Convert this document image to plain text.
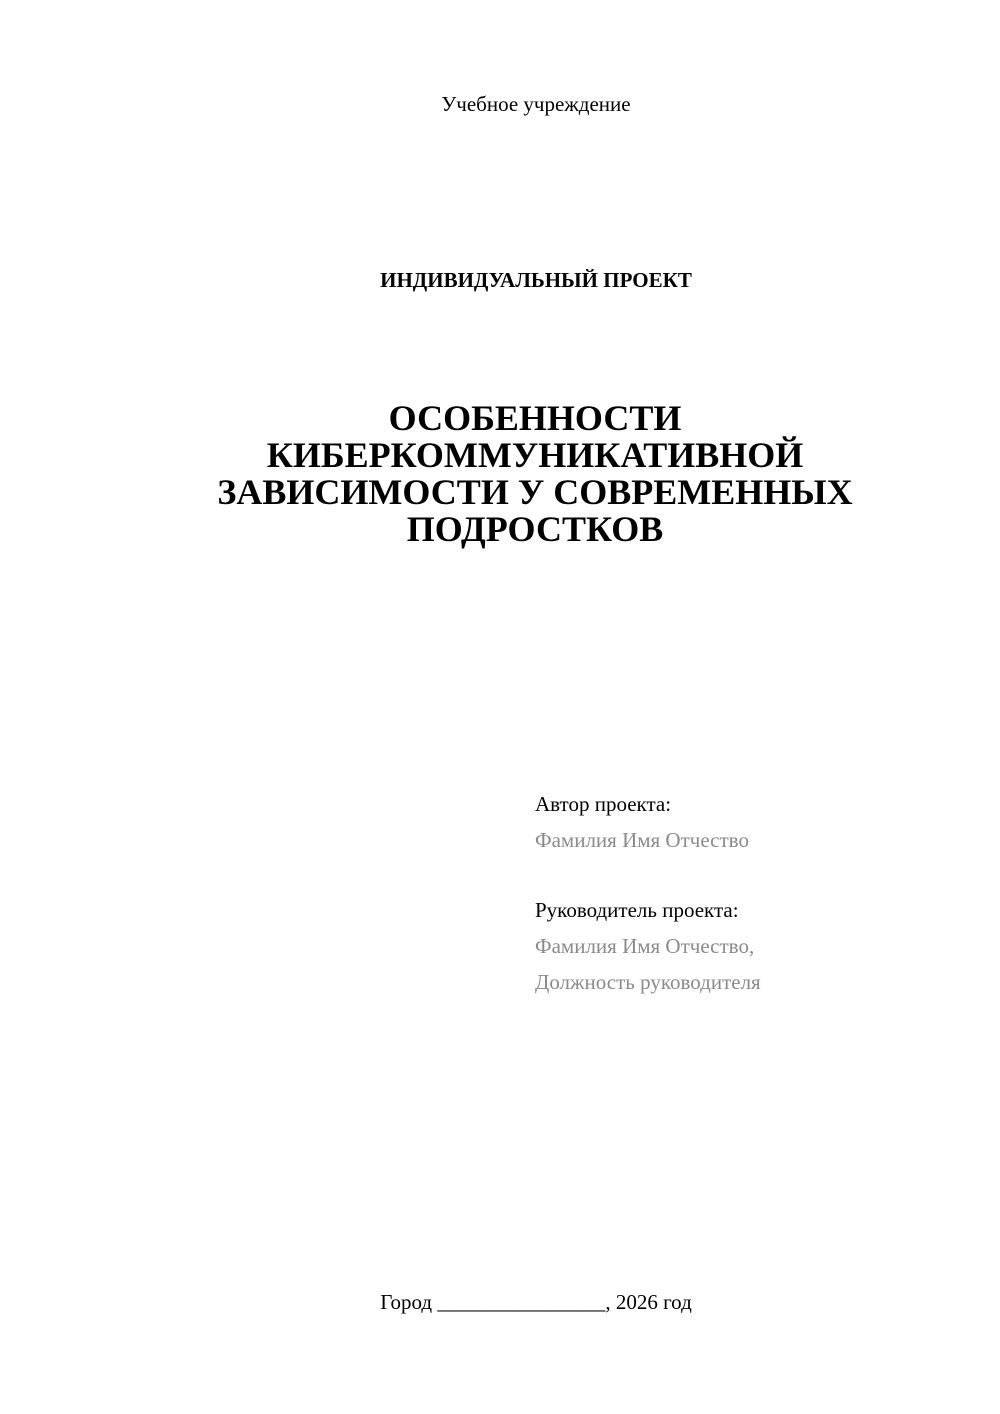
Учебное учреждение
ИНДИВИДУАЛЬНЫЙ ПРОЕКТ
ОСОБЕННОСТИ
КИБЕРКОММУНИКАТИВНОЙ
ЗАВИСИМОСТИ У СОВРЕМЕННЫХ
ПОДРОСТКОВ
Автор проекта:
Фамилия Имя Отчество
Руководитель проекта:
Фамилия Имя Отчество,
Должность руководителя
Город ________________, 2026 год
